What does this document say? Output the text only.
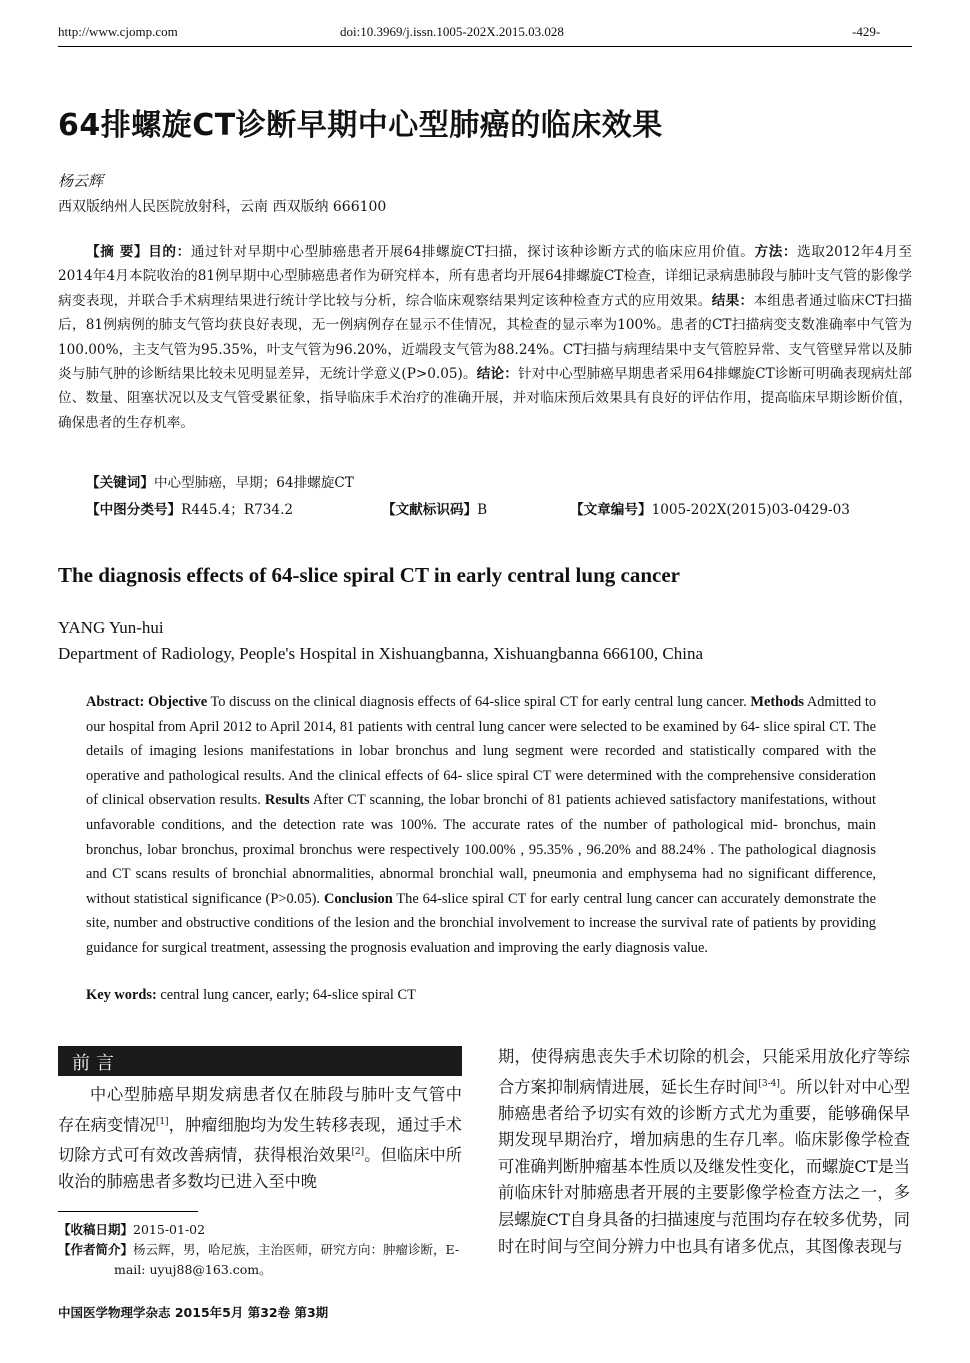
http://www.cjomp.com	doi:10.3969/j.issn.1005-202X.2015.03.028	-429-
64排螺旋CT诊断早期中心型肺癌的临床效果
杨云辉
西双版纳州人民医院放射科，云南 西双版纳 666100

【摘 要】目的：通过针对早期中心型肺癌患者开展64排螺旋CT扫描，探讨该种诊断方式的临床应用价值。方法：选取2012年4月至2014年4月本院收治的81例早期中心型肺癌患者作为研究样本，所有患者均开展64排螺旋CT检查，详细记录病患肺段与肺叶支气管的影像学病变表现，并联合手术病理结果进行统计学比较与分析，综合临床观察结果判定该种检查方式的应用效果。结果：本组患者通过临床CT扫描后，81例病例的肺支气管均获良好表现，无一例病例存在显示不佳情况，其检查的显示率为100%。患者的CT扫描病变支数准确率中气管为100.00%，主支气管为95.35%，叶支气管为96.20%，近端段支气管为88.24%。CT扫描与病理结果中支气管腔异常、支气管壁异常以及肺炎与肺气肿的诊断结果比较未见明显差异，无统计学意义(P>0.05)。结论：针对中心型肺癌早期患者采用64排螺旋CT诊断可明确表现病灶部位、数量、阻塞状况以及支气管受累征象，指导临床手术治疗的准确开展，并对临床预后效果具有良好的评估作用，提高临床早期诊断价值，确保患者的生存机率。

【关键词】中心型肺癌，早期；64排螺旋CT
【中图分类号】R445.4；R734.2	【文献标识码】B	【文章编号】1005-202X(2015)03-0429-03
The diagnosis effects of 64-slice spiral CT in early central lung cancer
YANG Yun-hui
Department of Radiology, People's Hospital in Xishuangbanna, Xishuangbanna 666100, China

Abstract: Objective To discuss on the clinical diagnosis effects of 64-slice spiral CT for early central lung cancer. Methods Admitted to our hospital from April 2012 to April 2014, 81 patients with central lung cancer were selected to be examined by 64- slice spiral CT. The details of imaging lesions manifestations in lobar bronchus and lung segment were recorded and statistically compared with the operative and pathological results. And the clinical effects of 64- slice spiral CT were determined with the comprehensive consideration of clinical observation results. Results After CT scanning, the lobar bronchi of 81 patients achieved satisfactory manifestations, without unfavorable conditions, and the detection rate was 100%. The accurate rates of the number of pathological mid- bronchus, main bronchus, lobar bronchus, proximal bronchus were respectively 100.00% , 95.35% , 96.20% and 88.24% . The pathological diagnosis and CT scans results of bronchial abnormalities, abnormal bronchial wall, pneumonia and emphysema had no significant difference, without statistical significance (P>0.05). Conclusion The 64-slice spiral CT for early central lung cancer can accurately demonstrate the site, number and obstructive conditions of the lesion and the bronchial involvement to increase the survival rate of patients by providing guidance for surgical treatment, assessing the prognosis evaluation and improving the early diagnosis value.

Key words: central lung cancer, early; 64-slice spiral CT
前言

中心型肺癌早期发病患者仅在肺段与肺叶支气管中存在病变情况[1]，肿瘤细胞均为发生转移表现，通过手术切除方式可有效改善病情，获得根治效果[2]。但临床中所收治的肺癌患者多数均已进入至中晚

期，使得病患丧失手术切除的机会，只能采用放化疗等综合方案抑制病情进展，延长生存时间[3-4]。所以针对中心型肺癌患者给予切实有效的诊断方式尤为重要，能够确保早期发现早期治疗，增加病患的生存几率。临床影像学检查可准确判断肿瘤基本性质以及继发性变化，而螺旋CT是当前临床针对肺癌患者开展的主要影像学检查方法之一，多层螺旋CT自身具备的扫描速度与范围均存在较多优势，同时在时间与空间分辨力中也具有诸多优点，其图像表现与

【收稿日期】2015-01-02

【作者简介】杨云辉，男，哈尼族，主治医师，研究方向：肿瘤诊断，E-

mail: uyuj88@163.com。

中国医学物理学杂志 2015年5月 第32卷 第3期
